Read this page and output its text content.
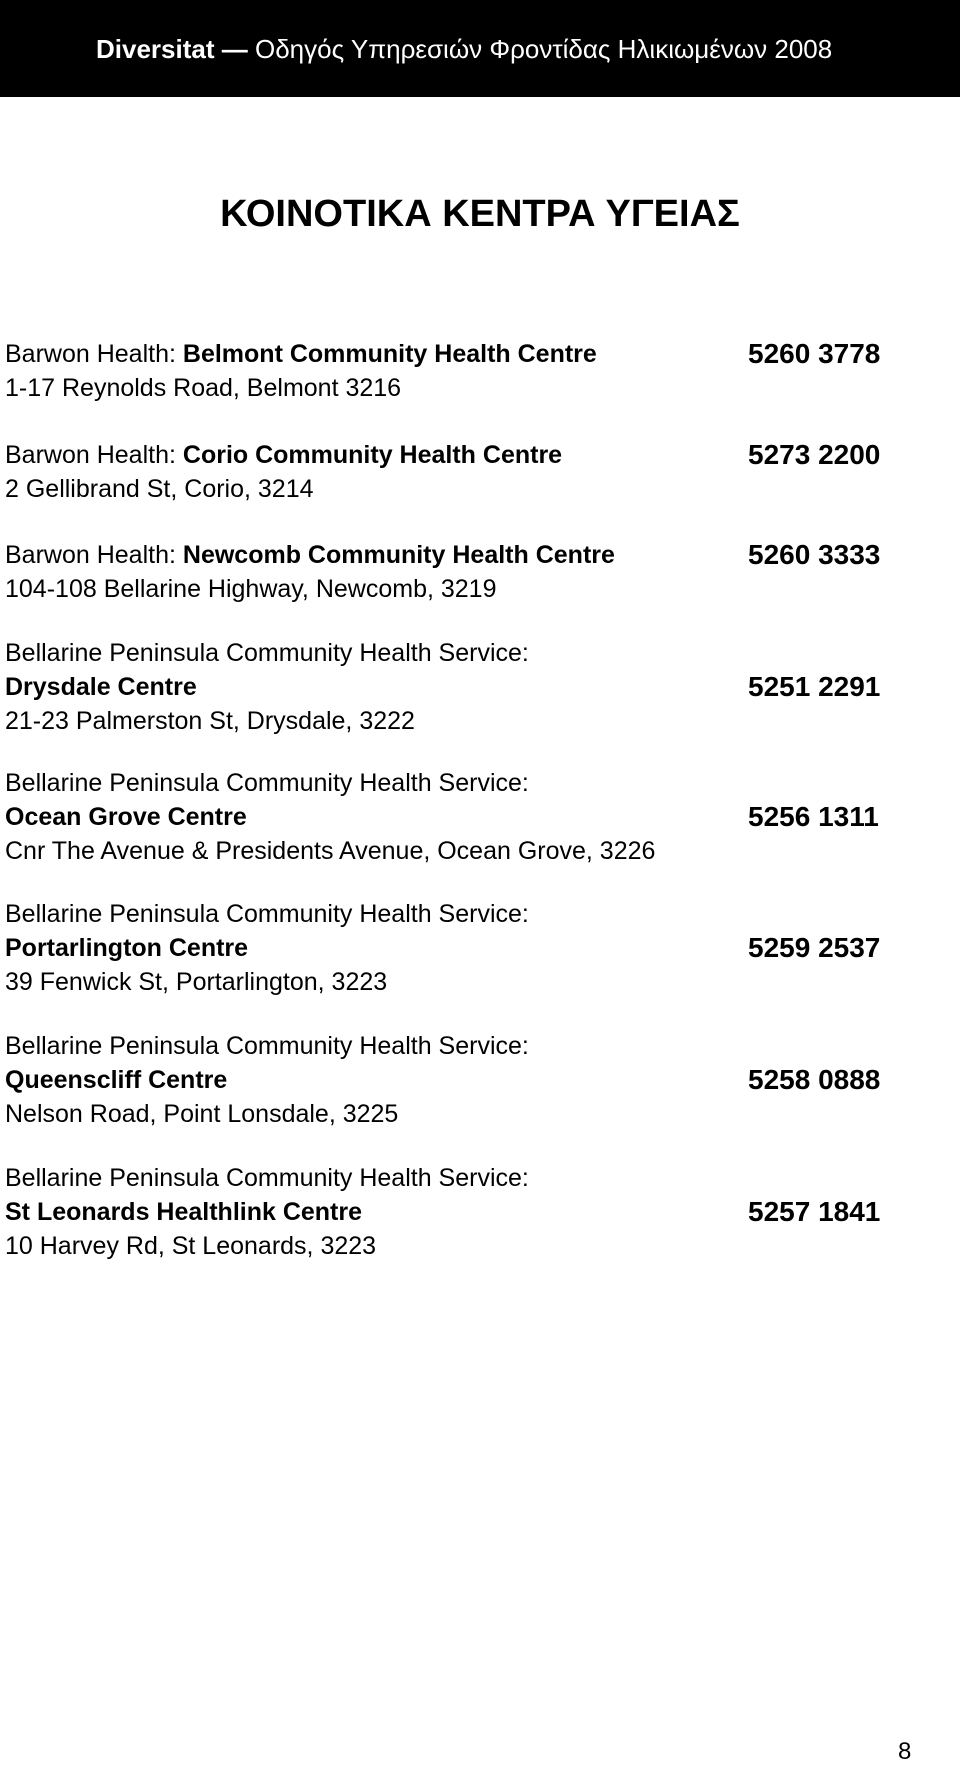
Diversitat — Οδηγός Υπηρεσιών Φροντίδας Ηλικιωμένων 2008
ΚΟΙΝΟΤΙΚΑ ΚΕΝΤΡΑ ΥΓΕΙΑΣ
Barwon Health: Belmont Community Health Centre	5260 3778
1-17 Reynolds Road, Belmont 3216
Barwon Health: Corio Community Health Centre	5273 2200
2 Gellibrand St, Corio, 3214
Barwon Health: Newcomb Community Health Centre	5260 3333
104-108 Bellarine Highway, Newcomb, 3219
Bellarine Peninsula Community Health Service:
Drysdale Centre	5251 2291
21-23 Palmerston St, Drysdale, 3222
Bellarine Peninsula Community Health Service:
Ocean Grove Centre	5256 1311
Cnr The Avenue & Presidents Avenue, Ocean Grove, 3226
Bellarine Peninsula Community Health Service:
Portarlington Centre	5259 2537
39 Fenwick St, Portarlington, 3223
Bellarine Peninsula Community Health Service:
Queenscliff Centre	5258 0888
Nelson Road, Point Lonsdale, 3225
Bellarine Peninsula Community Health Service:
St Leonards Healthlink Centre	5257 1841
10 Harvey Rd, St Leonards, 3223
8
